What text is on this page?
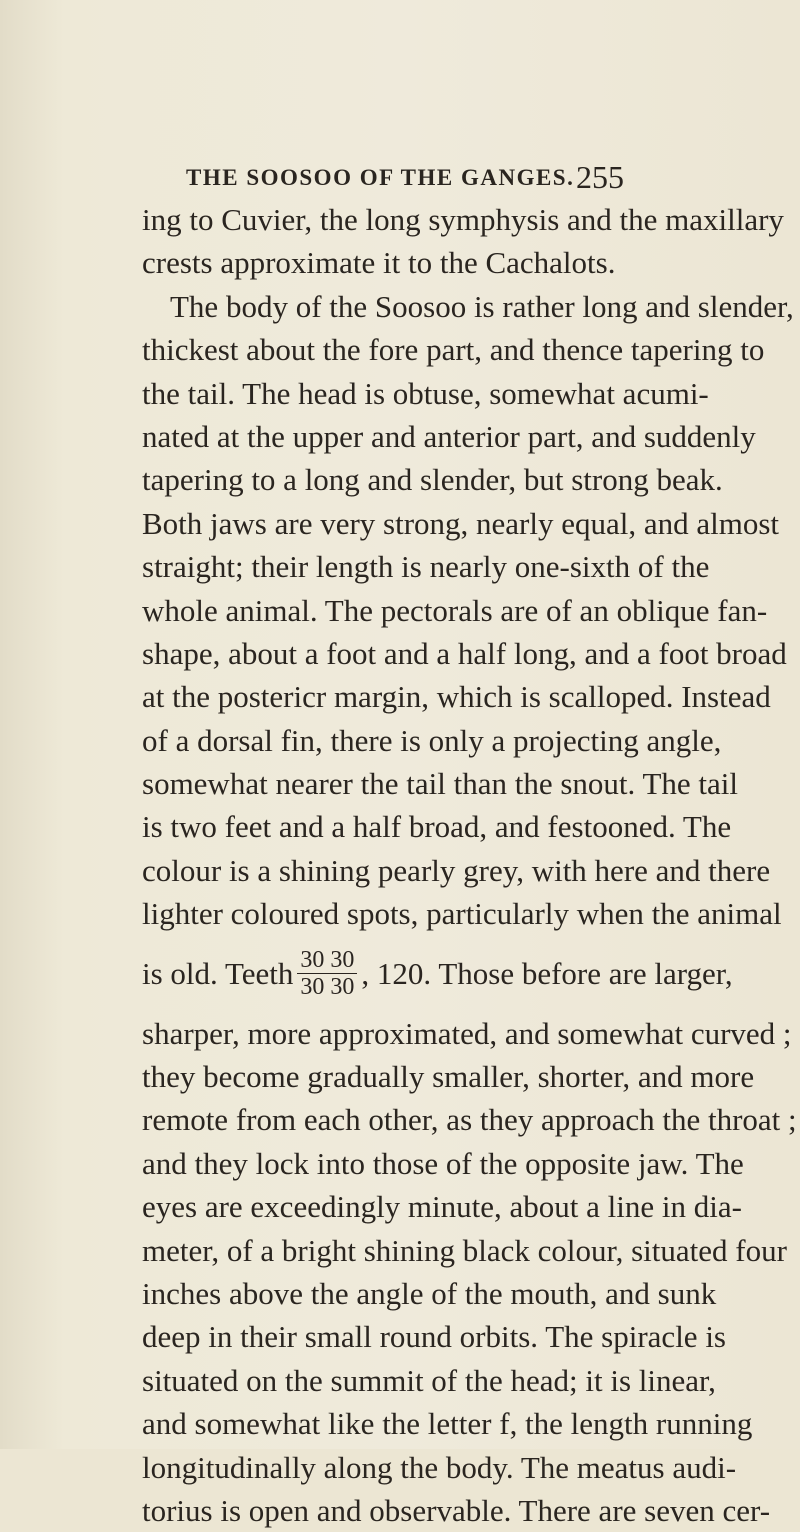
THE SOOSOO OF THE GANGES. 255
ing to Cuvier, the long symphysis and the maxillary
crests approximate it to the Cachalots.
The body of the Soosoo is rather long and slender,
thickest about the fore part, and thence tapering to
the tail. The head is obtuse, somewhat acumi-
nated at the upper and anterior part, and suddenly
tapering to a long and slender, but strong beak.
Both jaws are very strong, nearly equal, and almost
straight; their length is nearly one-sixth of the
whole animal. The pectorals are of an oblique fan-
shape, about a foot and a half long, and a foot broad
at the postericr margin, which is scalloped. Instead
of a dorsal fin, there is only a projecting angle,
somewhat nearer the tail than the snout. The tail
is two feet and a half broad, and festooned. The
colour is a shining pearly grey, with here and there
lighter coloured spots, particularly when the animal
is old. Teeth $\frac{30 30}{30 30}$ , 120. Those before are larger,
sharper, more approximated, and somewhat curved ;
they become gradually smaller, shorter, and more
remote from each other, as they approach the throat ;
and they lock into those of the opposite jaw. The
eyes are exceedingly minute, about a line in dia-
meter, of a bright shining black colour, situated four
inches above the angle of the mouth, and sunk
deep in their small round orbits. The spiracle is
situated on the summit of the head; it is linear,
and somewhat like the letter f, the length running
longitudinally along the body. The meatus audi-
torius is open and observable. There are seven cer-
